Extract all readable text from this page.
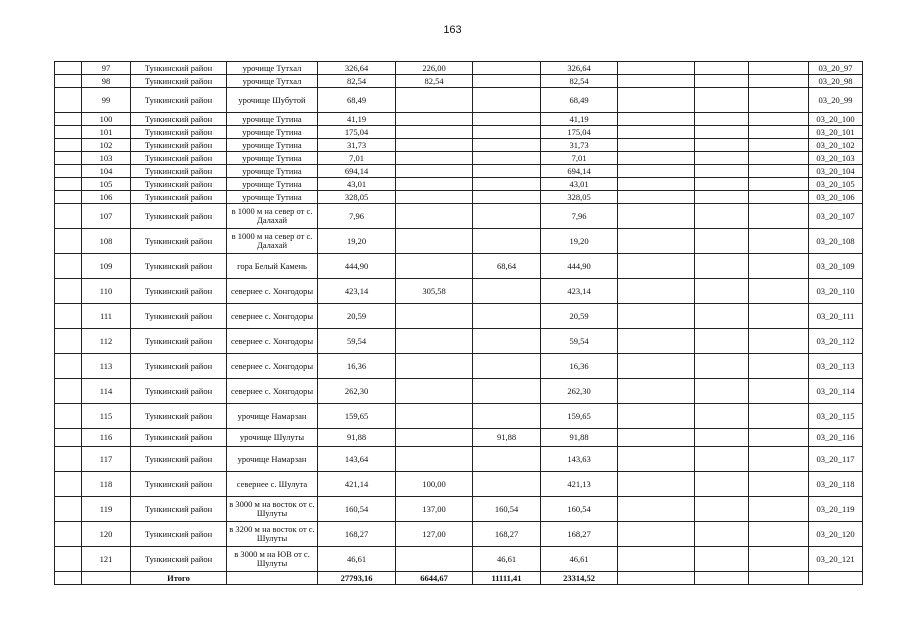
163
	97	Тункинский район	урочище Тутхал	326,64	226,00		326,64				03_20_97
	98	Тункинский район	урочище Тутхал	82,54	82,54		82,54				03_20_98
	99	Тункинский район	урочище Шубутой	68,49			68,49				03_20_99
	100	Тункинский район	урочище Тутина	41,19			41,19				03_20_100
	101	Тункинский район	урочище Тутина	175,04			175,04				03_20_101
	102	Тункинский район	урочище Тутина	31,73			31,73				03_20_102
	103	Тункинский район	урочище Тутина	7,01			7,01				03_20_103
	104	Тункинский район	урочище Тутина	694,14			694,14				03_20_104
	105	Тункинский район	урочище Тутина	43,01			43,01				03_20_105
	106	Тункинский район	урочище Тутина	328,05			328,05				03_20_106
	107	Тункинский район	в 1000 м на север от с. Далахай	7,96			7,96				03_20_107
	108	Тункинский район	в 1000 м на север от с. Далахай	19,20			19,20				03_20_108
	109	Тункинский район	гора Белый Камень	444,90		68,64	444,90				03_20_109
	110	Тункинский район	севернее с. Хонгодоры	423,14	305,58		423,14				03_20_110
	111	Тункинский район	севернее с. Хонгодоры	20,59			20,59				03_20_111
	112	Тункинский район	севернее с. Хонгодоры	59,54			59,54				03_20_112
	113	Тункинский район	севернее с. Хонгодоры	16,36			16,36				03_20_113
	114	Тункинский район	севернее с. Хонгодоры	262,30			262,30				03_20_114
	115	Тункинский район	урочище Намарзан	159,65			159,65				03_20_115
	116	Тункинский район	урочище Шулуты	91,88		91,88	91,88				03_20_116
	117	Тункинский район	урочище Намарзан	143,64			143,63				03_20_117
	118	Тункинский район	севернее с. Шулута	421,14	100,00		421,13				03_20_118
	119	Тункинский район	в 3000 м на восток от с. Шулуты	160,54	137,00	160,54	160,54				03_20_119
	120	Тункинский район	в 3200 м на восток от с. Шулуты	168,27	127,00	168,27	168,27				03_20_120
	121	Тункинский район	в 3000 м на ЮВ от с. Шулуты	46,61		46,61	46,61				03_20_121
		Итого		27793,16	6644,67	11111,41	23314,52				
